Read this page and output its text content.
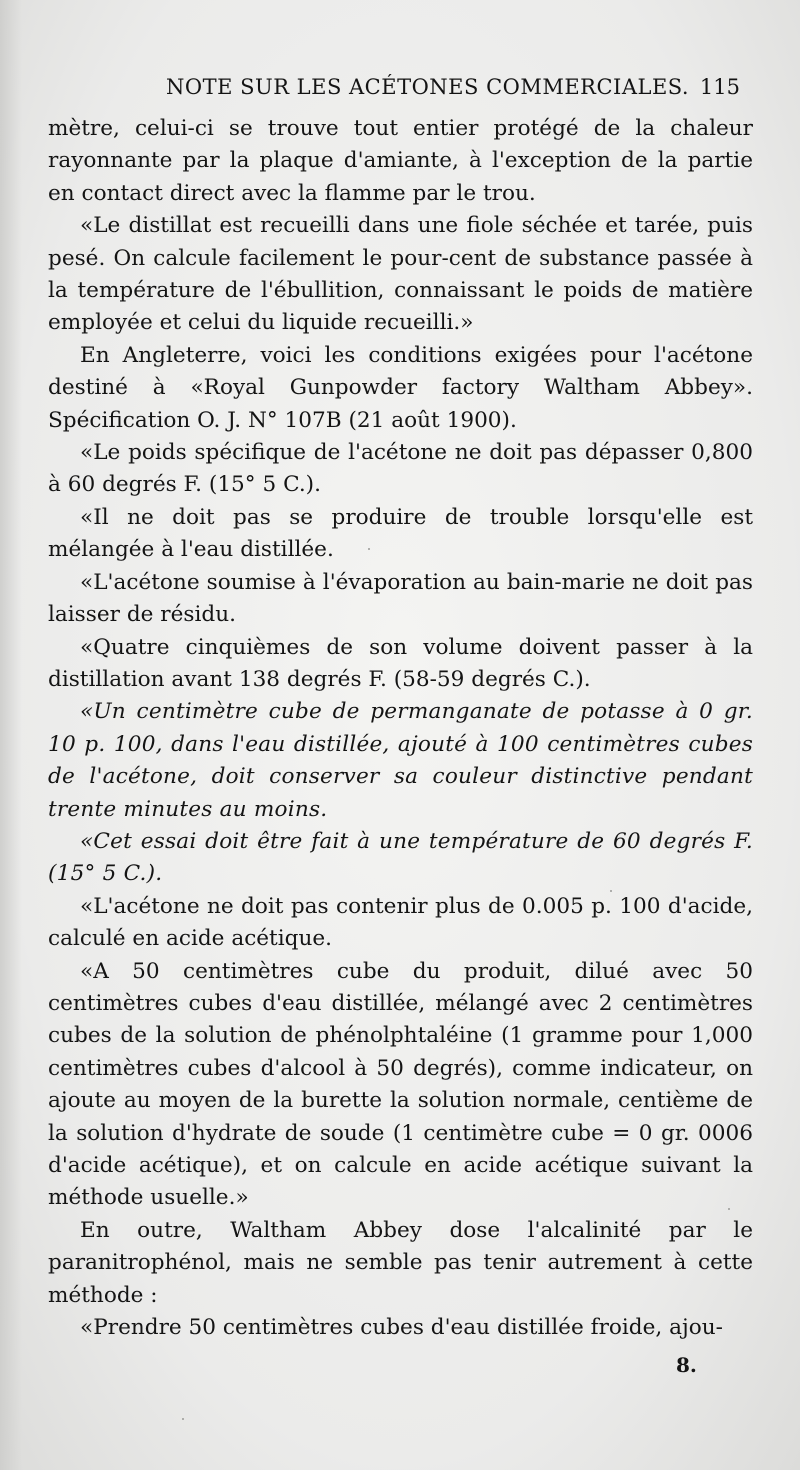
NOTE SUR LES ACÉTONES COMMERCIALES. 115

mètre, celui-ci se trouve tout entier protégé de la chaleur rayonnante par la plaque d'amiante, à l'exception de la partie en contact direct avec la flamme par le trou.

«Le distillat est recueilli dans une fiole séchée et tarée, puis pesé. On calcule facilement le pour-cent de substance passée à la température de l'ébullition, connaissant le poids de matière employée et celui du liquide recueilli.»

En Angleterre, voici les conditions exigées pour l'acétone destiné à «Royal Gunpowder factory Waltham Abbey». Spécification O. J. N° 107B (21 août 1900).

«Le poids spécifique de l'acétone ne doit pas dépasser 0,800 à 60 degrés F. (15° 5 C.).

«Il ne doit pas se produire de trouble lorsqu'elle est mélangée à l'eau distillée.

«L'acétone soumise à l'évaporation au bain-marie ne doit pas laisser de résidu.

«Quatre cinquièmes de son volume doivent passer à la distillation avant 138 degrés F. (58-59 degrés C.).

«Un centimètre cube de permanganate de potasse à 0 gr. 10 p. 100, dans l'eau distillée, ajouté à 100 centimètres cubes de l'acétone, doit conserver sa couleur distinctive pendant trente minutes au moins.

«Cet essai doit être fait à une température de 60 degrés F. (15° 5 C.).

«L'acétone ne doit pas contenir plus de 0.005 p. 100 d'acide, calculé en acide acétique.

«A 50 centimètres cube du produit, dilué avec 50 centimètres cubes d'eau distillée, mélangé avec 2 centimètres cubes de la solution de phénolphtaléine (1 gramme pour 1,000 centimètres cubes d'alcool à 50 degrés), comme indicateur, on ajoute au moyen de la burette la solution normale, centième de la solution d'hydrate de soude (1 centimètre cube = 0 gr. 0006 d'acide acétique), et on calcule en acide acétique suivant la méthode usuelle.»

En outre, Waltham Abbey dose l'alcalinité par le paranitrophénol, mais ne semble pas tenir autrement à cette méthode :

«Prendre 50 centimètres cubes d'eau distillée froide, ajou-

8.
